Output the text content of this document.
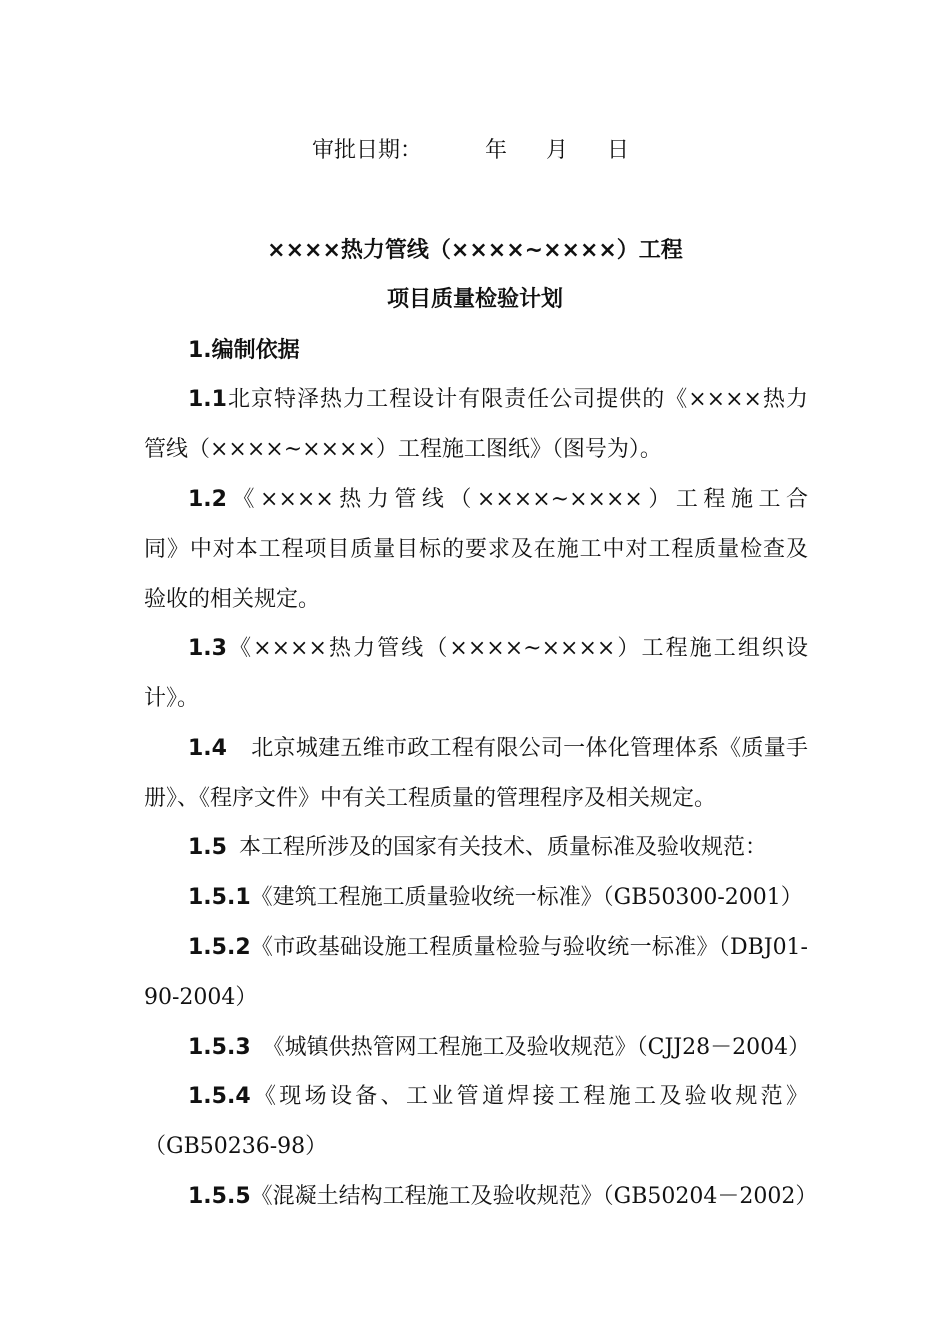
审批日期：	年 月 日
××××热力管线（××××~××××）工程
项目质量检验计划
1.编制依据
1.1北京特泽热力工程设计有限责任公司提供的《××××热力
管线（××××~××××）工程施工图纸》（图号为）。
1.2《××××热力管线（××××~××××）工程施工合
同》中对本工程项目质量目标的要求及在施工中对工程质量检查及
验收的相关规定。
1.3《××××热力管线（××××~××××）工程施工组织设
计》。
1.4 北京城建五维市政工程有限公司一体化管理体系《质量手
册》、《程序文件》中有关工程质量的管理程序及相关规定。
1.5 本工程所涉及的国家有关技术、质量标准及验收规范：
1.5.1《建筑工程施工质量验收统一标准》（GB50300-2001）
1.5.2《市政基础设施工程质量检验与验收统一标准》（DBJ01-
90-2004）
1.5.3 《城镇供热管网工程施工及验收规范》（CJJ28－2004）
1.5.4《现场设备、工业管道焊接工程施工及验收规范》
（GB50236-98）
1.5.5《混凝土结构工程施工及验收规范》（GB50204－2002）
